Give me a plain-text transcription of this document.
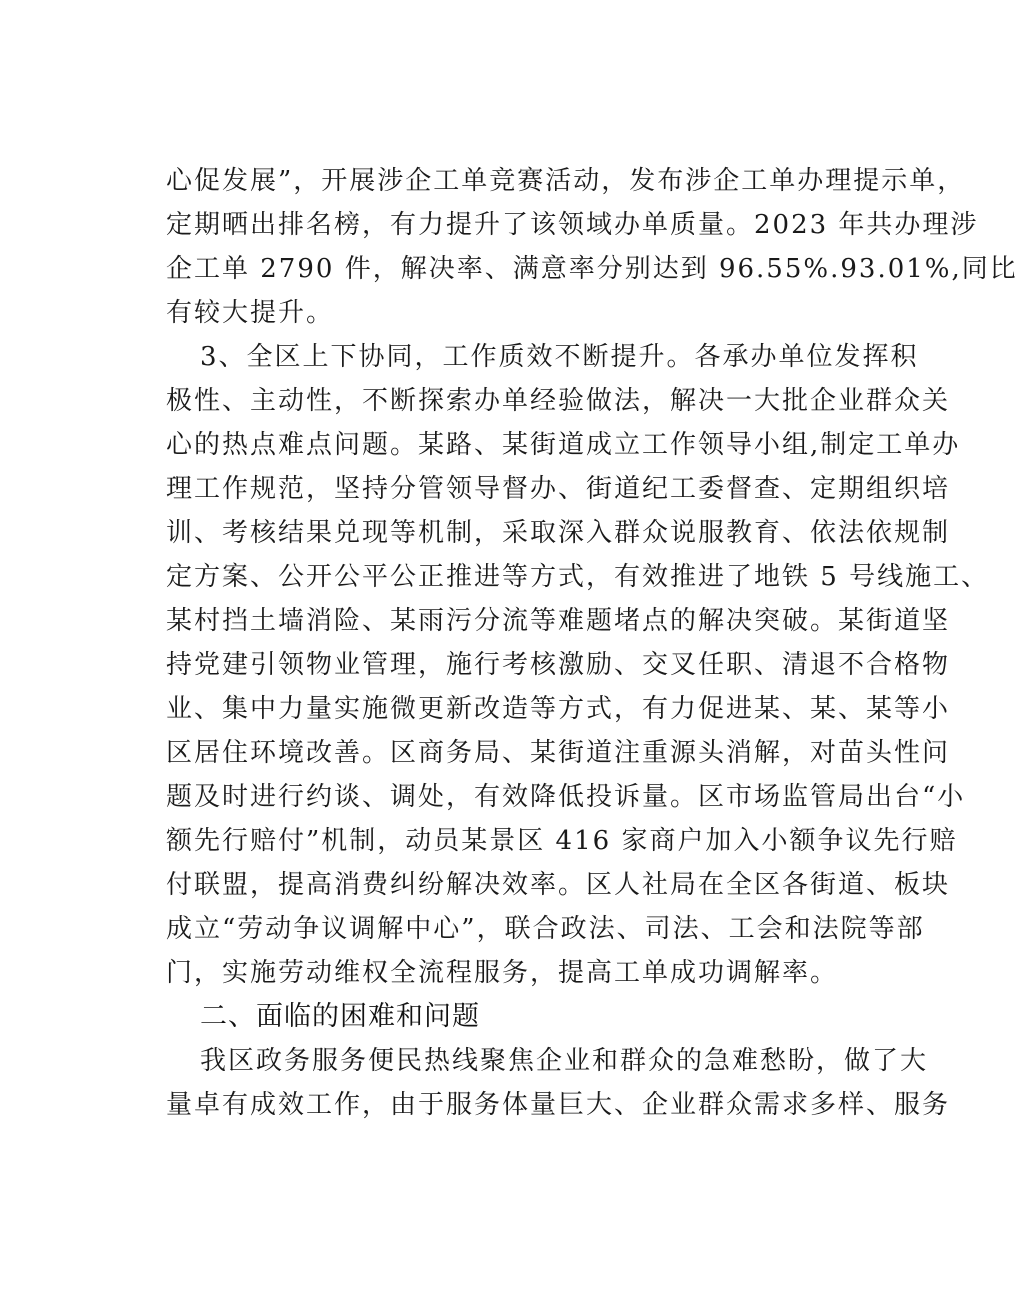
心促发展”，开展涉企工单竞赛活动，发布涉企工单办理提示单，
定期晒出排名榜，有力提升了该领域办单质量。2023 年共办理涉
企工单 2790 件，解决率、满意率分别达到 96.55%.93.01%,同比
有较大提升。
3、全区上下协同，工作质效不断提升。各承办单位发挥积
极性、主动性，不断探索办单经验做法，解决一大批企业群众关
心的热点难点问题。某路、某街道成立工作领导小组,制定工单办
理工作规范，坚持分管领导督办、街道纪工委督查、定期组织培
训、考核结果兑现等机制，采取深入群众说服教育、依法依规制
定方案、公开公平公正推进等方式，有效推进了地铁 5 号线施工、
某村挡土墙消险、某雨污分流等难题堵点的解决突破。某街道坚
持党建引领物业管理，施行考核激励、交叉任职、清退不合格物
业、集中力量实施微更新改造等方式，有力促进某、某、某等小
区居住环境改善。区商务局、某街道注重源头消解，对苗头性问
题及时进行约谈、调处，有效降低投诉量。区市场监管局出台“小
额先行赔付”机制，动员某景区 416 家商户加入小额争议先行赔
付联盟，提高消费纠纷解决效率。区人社局在全区各街道、板块
成立“劳动争议调解中心”，联合政法、司法、工会和法院等部
门，实施劳动维权全流程服务，提高工单成功调解率。
二、面临的困难和问题
我区政务服务便民热线聚焦企业和群众的急难愁盼，做了大
量卓有成效工作，由于服务体量巨大、企业群众需求多样、服务
